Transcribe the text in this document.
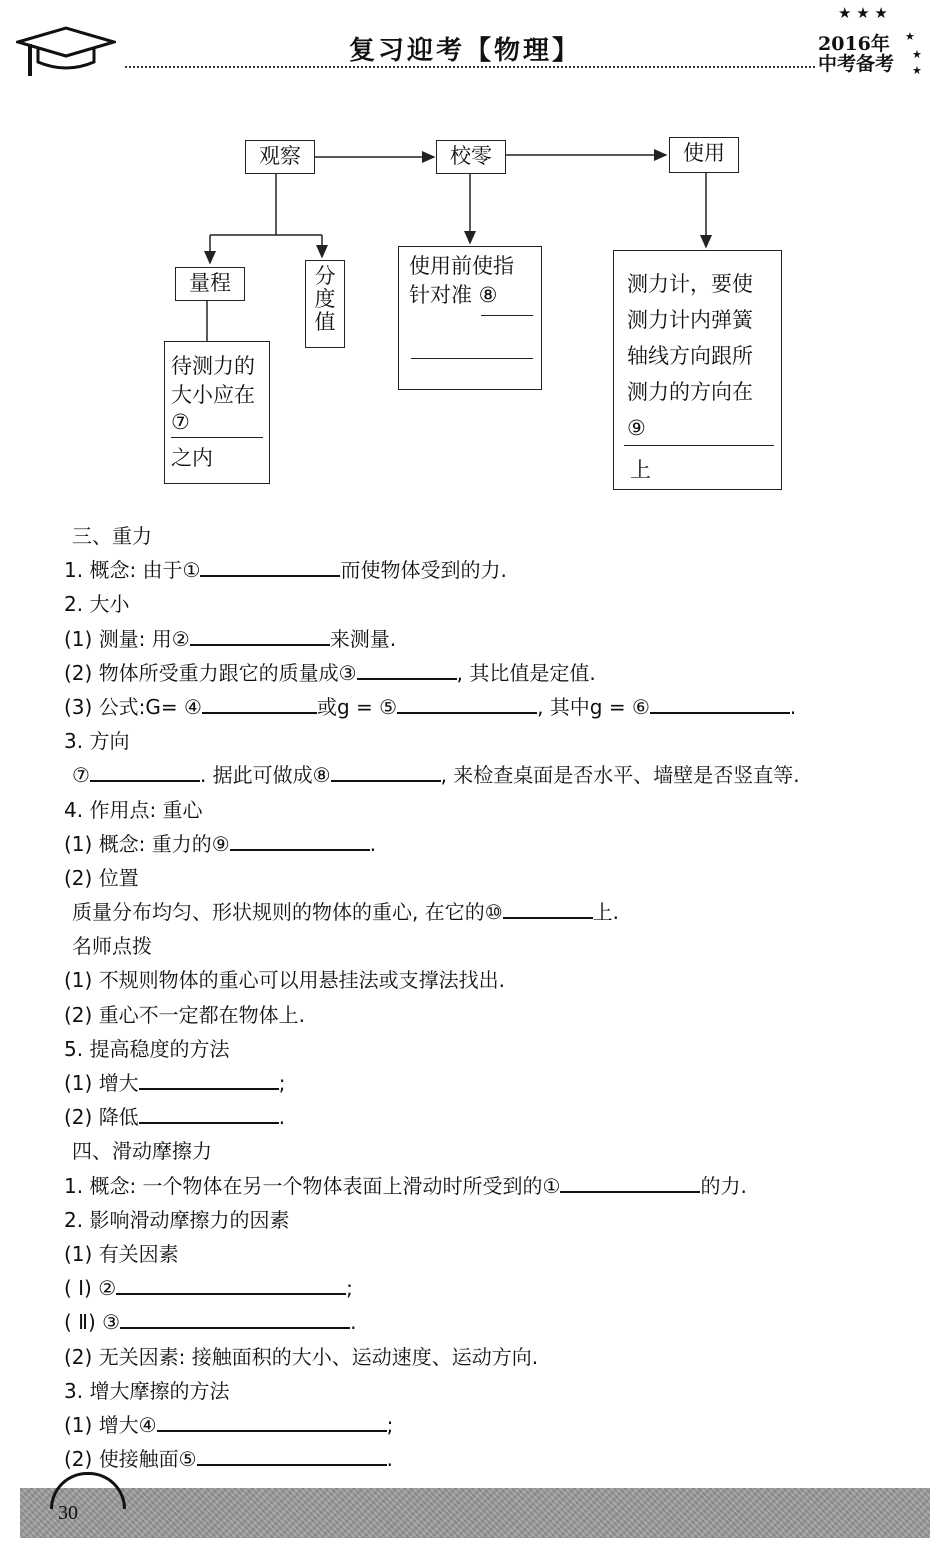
复习迎考【物理】
★ ★ ★
2016年
中考备考
★
★
★
观察	校零	使用
量程	分
度
值
待测力的
大小应在
⑦
之内
使用前使指
针对准 ⑧	测力计，要使
测力计内弹簧
轴线方向跟所
测力的方向在
⑨
上
三、重力
1. 概念: 由于①	而使物体受到的力.
2. 大小
(1) 测量: 用②	来测量.
(2) 物体所受重力跟它的质量成③	, 其比值是定值.
(3) 公式:G= ④	或g = ⑤	, 其中g = ⑥	.
3. 方向
⑦	. 据此可做成⑧	, 来检查桌面是否水平、墙壁是否竖直等.
4. 作用点: 重心
(1) 概念: 重力的⑨	.
(2) 位置
质量分布均匀、形状规则的物体的重心, 在它的⑩	上.
名师点拨
(1) 不规则物体的重心可以用悬挂法或支撑法找出.
(2) 重心不一定都在物体上.
5. 提高稳度的方法
(1) 增大	;
(2) 降低	.
四、滑动摩擦力
1. 概念: 一个物体在另一个物体表面上滑动时所受到的①	的力.
2. 影响滑动摩擦力的因素
(1) 有关因素
( Ⅰ) ②	;
( Ⅱ) ③	.
(2) 无关因素: 接触面积的大小、运动速度、运动方向.
3. 增大摩擦的方法
(1) 增大④	;
(2) 使接触面⑤	.
30
